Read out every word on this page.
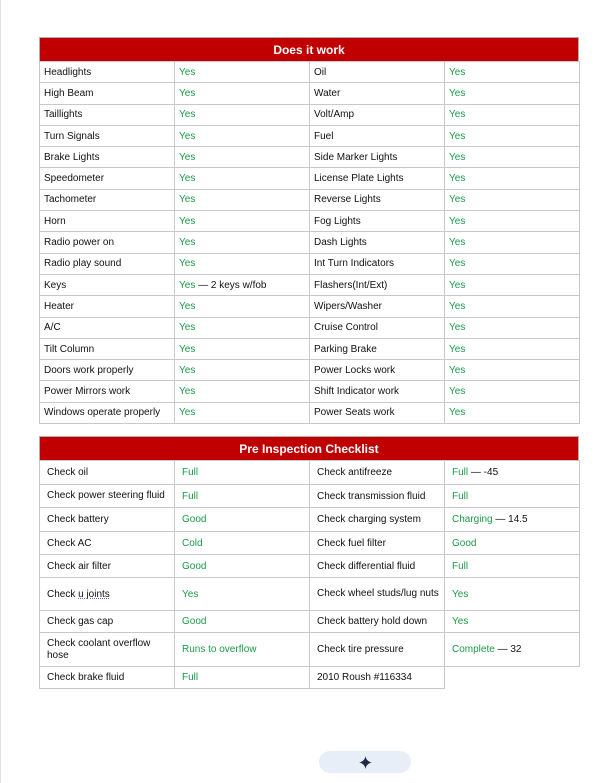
Does it work
Headlights	Yes	Oil	Yes
High Beam	Yes	Water	Yes
Taillights	Yes	Volt/Amp	Yes
Turn Signals	Yes	Fuel	Yes
Brake Lights	Yes	Side Marker Lights	Yes
Speedometer	Yes	License Plate Lights	Yes
Tachometer	Yes	Reverse Lights	Yes
Horn	Yes	Fog Lights	Yes
Radio power on	Yes	Dash Lights	Yes
Radio play sound	Yes	Int Turn Indicators	Yes
Keys	Yes — 2 keys w/fob	Flashers(Int/Ext)	Yes
Heater	Yes	Wipers/Washer	Yes
A/C	Yes	Cruise Control	Yes
Tilt Column	Yes	Parking Brake	Yes
Doors work properly	Yes	Power Locks work	Yes
Power Mirrors work	Yes	Shift Indicator work	Yes
Windows operate properly	Yes	Power Seats work	Yes
Pre Inspection Checklist
Check oil	Full	Check antifreeze	Full — -45
Check power steering fluid	Full	Check transmission fluid	Full
Check battery	Good	Check charging system	Charging — 14.5
Check AC	Cold	Check fuel filter	Good
Check air filter	Good	Check differential fluid	Full
Check u joints	Yes	Check wheel studs/lug nuts	Yes
Check gas cap	Good	Check battery hold down	Yes
Check coolant overflow hose	Runs to overflow	Check tire pressure	Complete — 32
Check brake fluid	Full	2010 Roush #116334	
